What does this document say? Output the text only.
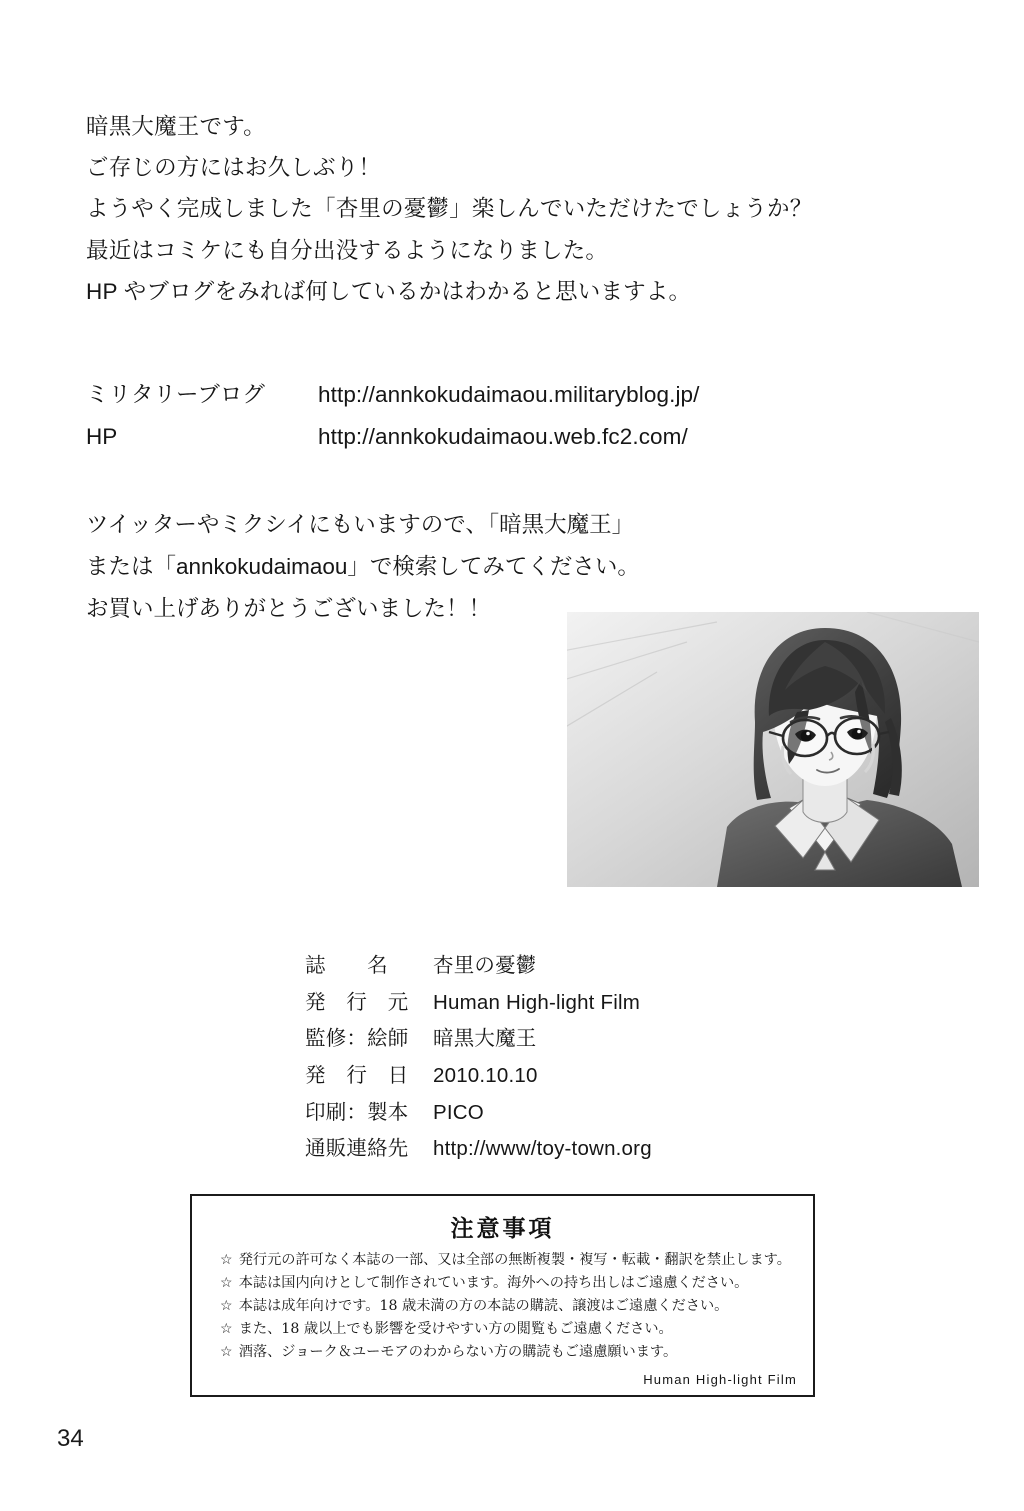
暗黒大魔王です。

ご存じの方にはお久しぶり！

ようやく完成しました「杏里の憂鬱」楽しんでいただけたでしょうか？

最近はコミケにも自分出没するようになりました。

HP やブログをみれば何しているかはわかると思いますよ。

ミリタリーブログ	http://annkokudaimaou.militaryblog.jp/
HP	http://annkokudaimaou.web.fc2.com/

ツイッターやミクシイにもいますので、「暗黒大魔王」

または「annkokudaimaou」で検索してみてください。

お買い上げありがとうございました！！

誌　　名	杏里の憂鬱
発　行　元	Human High-light Film
監修：絵師	暗黒大魔王
発　行　日	2010.10.10
印刷：製本	PICO
通販連絡先	http://www/toy-town.org
注意事項
☆ 発行元の許可なく本誌の一部、又は全部の無断複製・複写・転載・翻訳を禁止します。
☆ 本誌は国内向けとして制作されています。海外への持ち出しはご遠慮ください。
☆ 本誌は成年向けです。18 歳未満の方の本誌の購読、譲渡はご遠慮ください。
☆ また、18 歳以上でも影響を受けやすい方の閲覧もご遠慮ください。
☆ 酒落、ジョーク＆ユーモアのわからない方の購読もご遠慮願います。
Human High-light Film
34
